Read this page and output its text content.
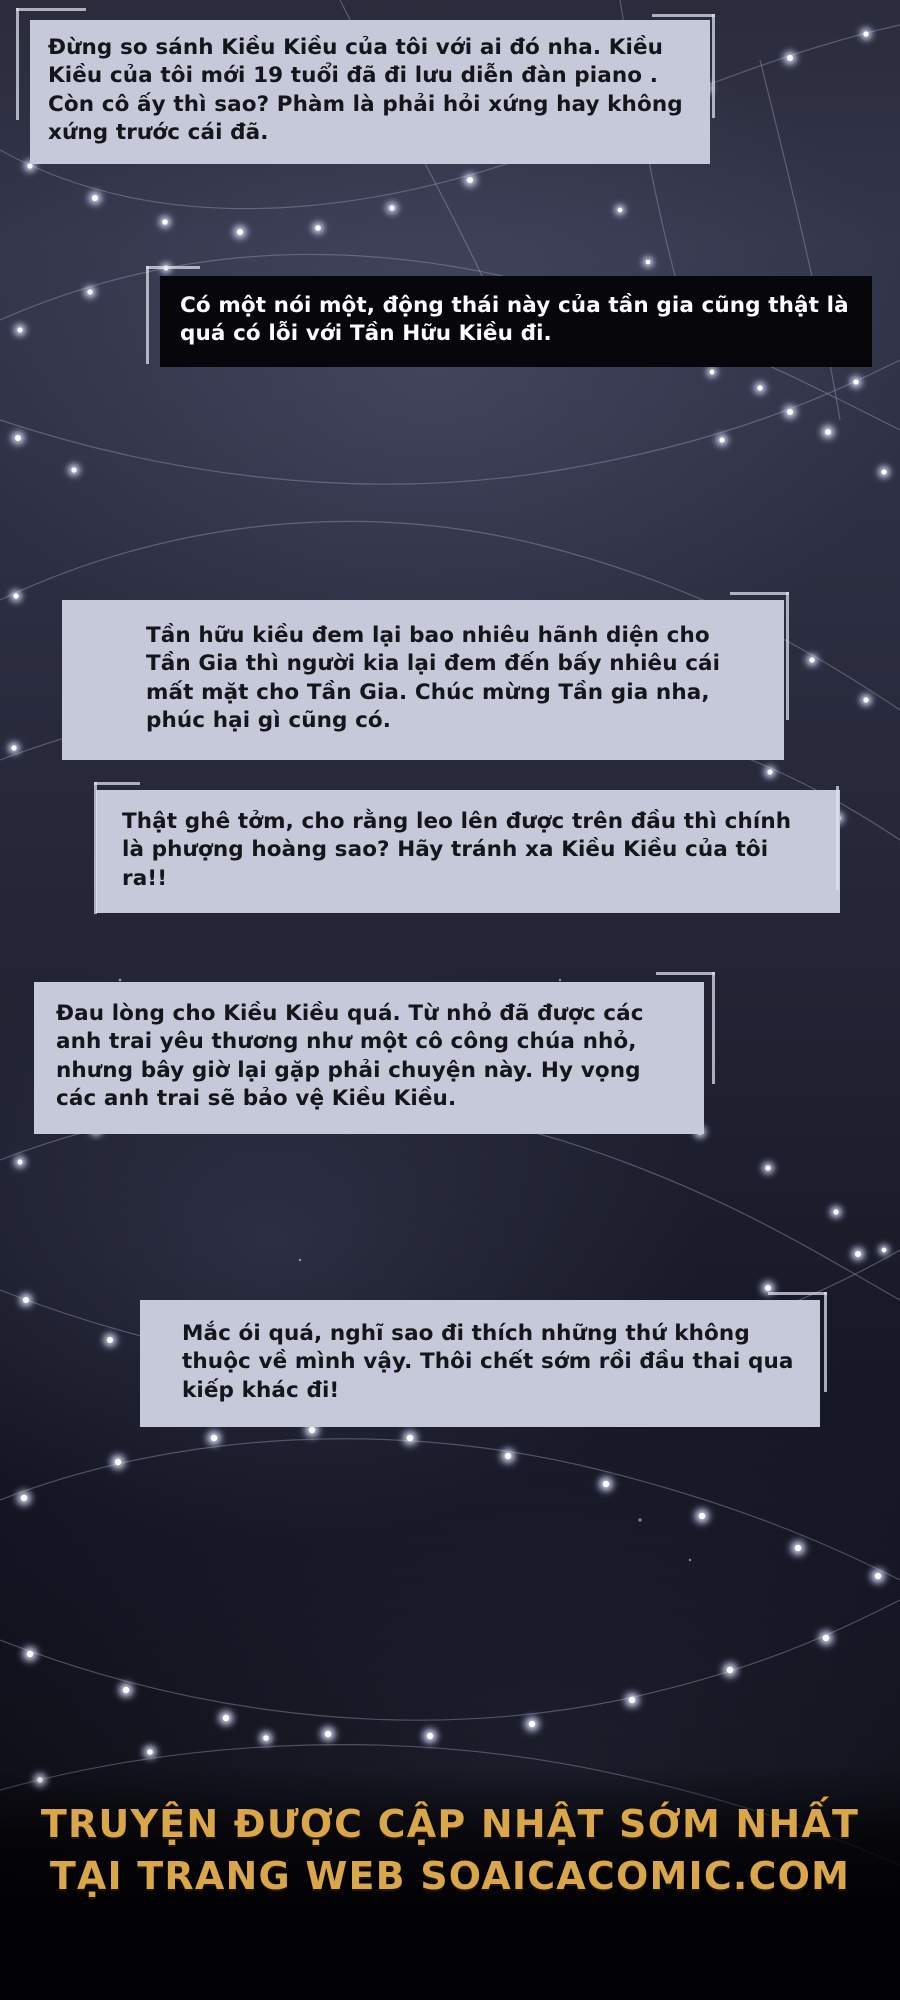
Đừng so sánh Kiều Kiều của tôi với ai đó nha. Kiều Kiều của tôi mới 19 tuổi đã đi lưu diễn đàn piano . Còn cô ấy thì sao? Phàm là phải hỏi xứng hay không xứng trước cái đã.
Có một nói một, động thái này của tần gia cũng thật là quá có lỗi với Tần Hữu Kiều đi.
Tần hữu kiều đem lại bao nhiêu hãnh diện cho Tần Gia thì người kia lại đem đến bấy nhiêu cái mất mặt cho Tần Gia. Chúc mừng Tần gia nha, phúc hại gì cũng có.
Thật ghê tởm, cho rằng leo lên được trên đầu thì chính là phượng hoàng sao? Hãy tránh xa Kiều Kiều của tôi ra!!
Đau lòng cho Kiều Kiều quá. Từ nhỏ đã được các anh trai yêu thương như một cô công chúa nhỏ, nhưng bây giờ lại gặp phải chuyện này. Hy vọng các anh trai sẽ bảo vệ Kiều Kiều.
Mắc ói quá, nghĩ sao đi thích những thứ không thuộc về mình vậy. Thôi chết sớm rồi đầu thai qua kiếp khác đi!
TRUYỆN ĐƯỢC CẬP NHẬT SỚM NHẤT
TẠI TRANG WEB SOAICACOMIC.COM
